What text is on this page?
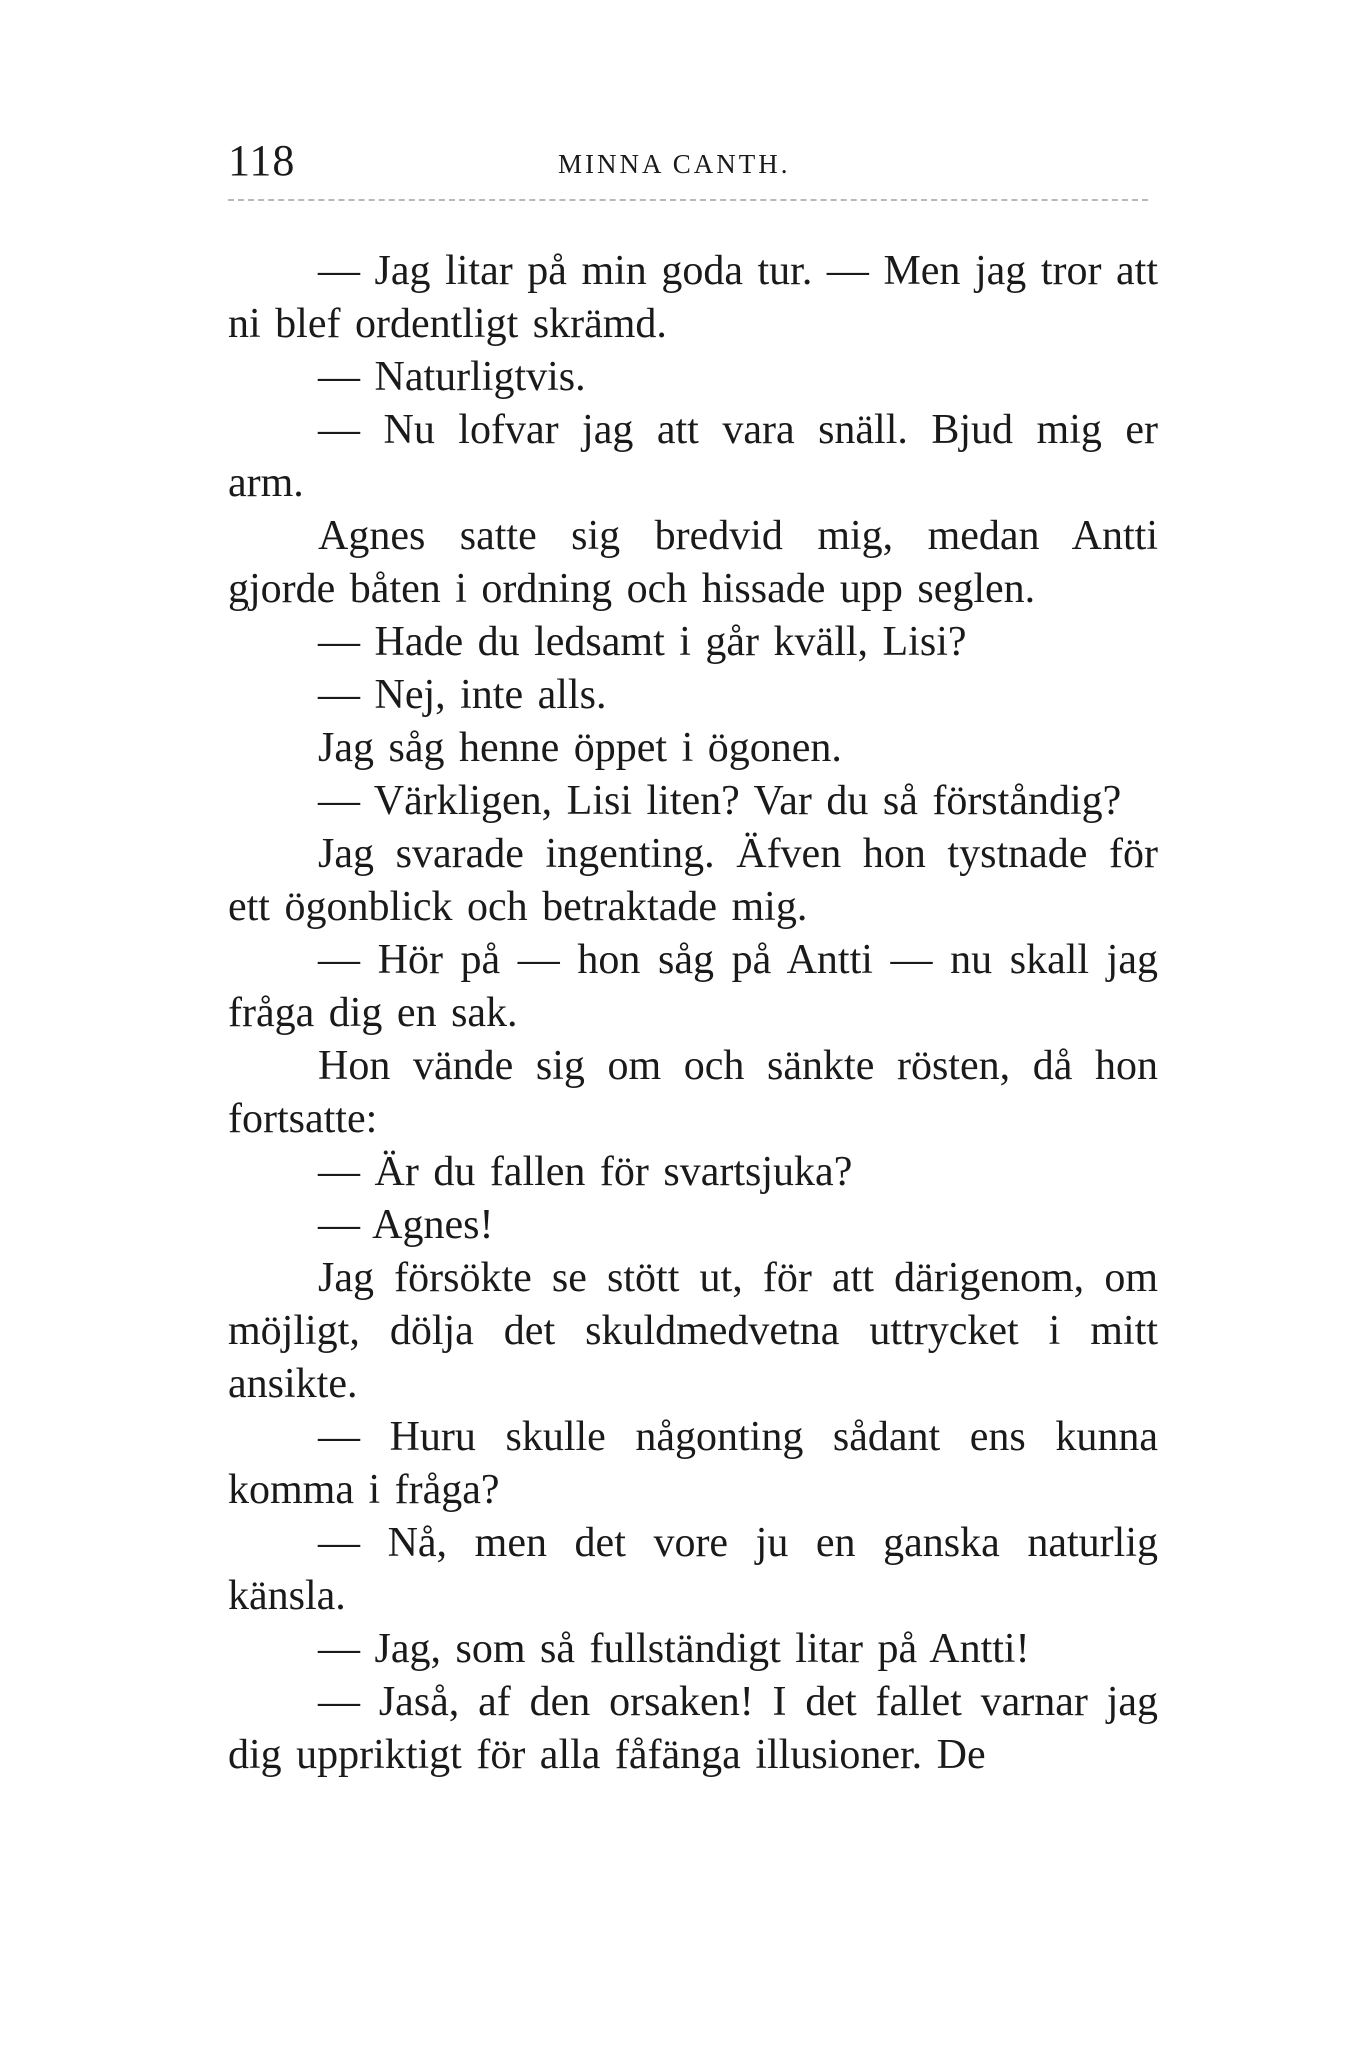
118	MINNA CANTH.

— Jag litar på min goda tur. — Men jag tror att ni blef ordentligt skrämd.

— Naturligtvis.

— Nu lofvar jag att vara snäll. Bjud mig er arm.

Agnes satte sig bredvid mig, medan Antti gjorde båten i ordning och hissade upp seglen.

— Hade du ledsamt i går kväll, Lisi?

— Nej, inte alls.

Jag såg henne öppet i ögonen.

— Värkligen, Lisi liten? Var du så förståndig?

Jag svarade ingenting. Äfven hon tystnade för ett ögonblick och betraktade mig.

— Hör på — hon såg på Antti — nu skall jag fråga dig en sak.

Hon vände sig om och sänkte rösten, då hon fortsatte:

— Är du fallen för svartsjuka?

— Agnes!

Jag försökte se stött ut, för att därigenom, om möjligt, dölja det skuldmedvetna uttrycket i mitt ansikte.

— Huru skulle någonting sådant ens kunna komma i fråga?

— Nå, men det vore ju en ganska naturlig känsla.

— Jag, som så fullständigt litar på Antti!

— Jaså, af den orsaken! I det fallet varnar jag dig uppriktigt för alla fåfänga illusioner. De
